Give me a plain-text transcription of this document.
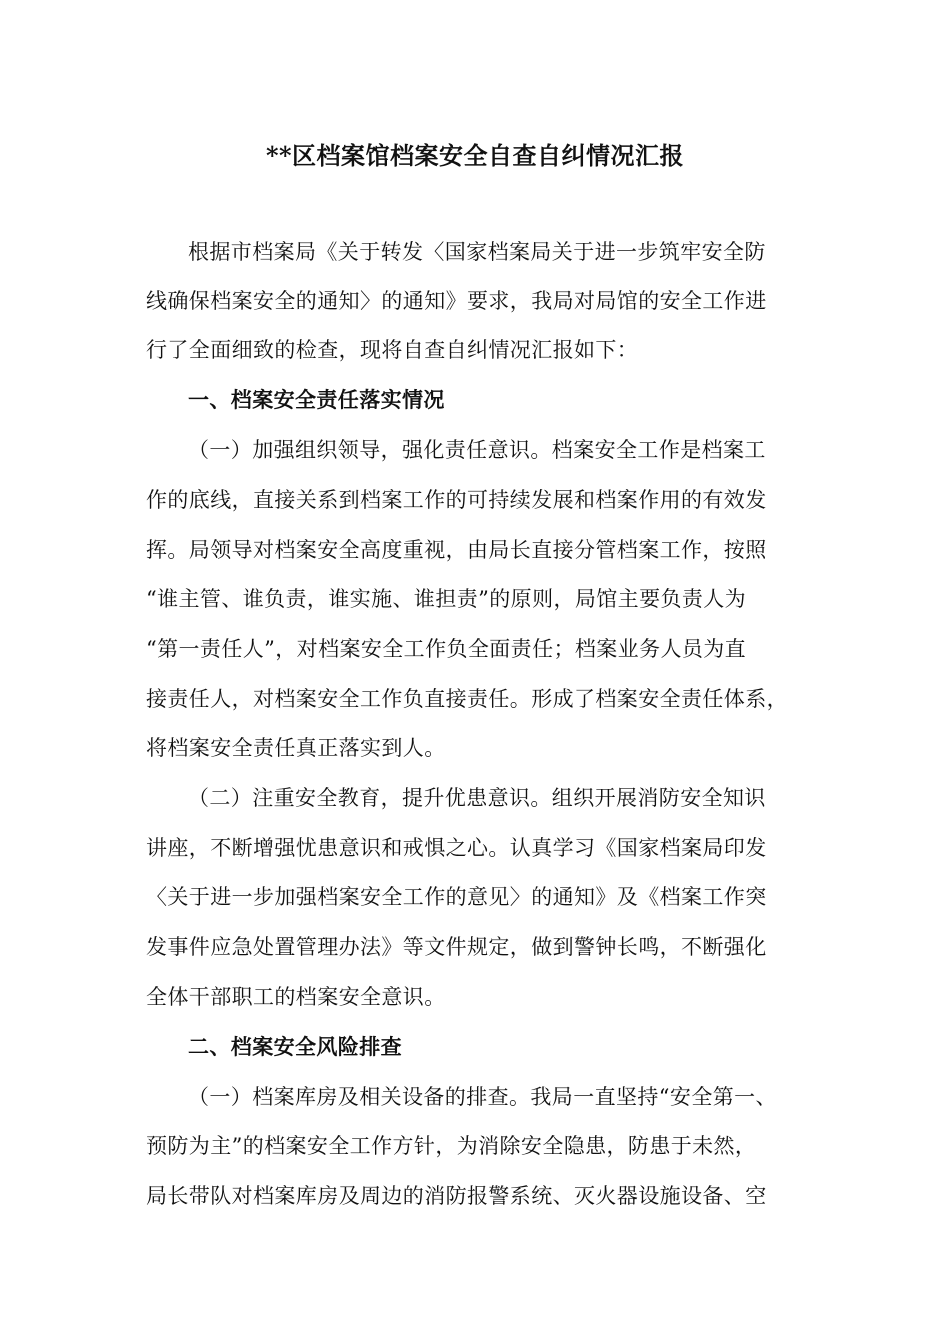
**区档案馆档案安全自查自纠情况汇报
根据市档案局《关于转发〈国家档案局关于进一步筑牢安全防
线确保档案安全的通知〉的通知》要求，我局对局馆的安全工作进
行了全面细致的检查，现将自查自纠情况汇报如下：
一、档案安全责任落实情况
（一）加强组织领导，强化责任意识。档案安全工作是档案工
作的底线，直接关系到档案工作的可持续发展和档案作用的有效发
挥。局领导对档案安全高度重视，由局长直接分管档案工作，按照
“谁主管、谁负责，谁实施、谁担责”的原则，局馆主要负责人为
“第一责任人”，对档案安全工作负全面责任；档案业务人员为直
接责任人，对档案安全工作负直接责任。形成了档案安全责任体系，
将档案安全责任真正落实到人。
（二）注重安全教育，提升优患意识。组织开展消防安全知识
讲座，不断增强忧患意识和戒惧之心。认真学习《国家档案局印发
〈关于进一步加强档案安全工作的意见〉的通知》及《档案工作突
发事件应急处置管理办法》等文件规定，做到警钟长鸣，不断强化
全体干部职工的档案安全意识。
二、档案安全风险排查
（一）档案库房及相关设备的排查。我局一直坚持“安全第一、
预防为主”的档案安全工作方针，为消除安全隐患，防患于未然，
局长带队对档案库房及周边的消防报警系统、灭火器设施设备、空
